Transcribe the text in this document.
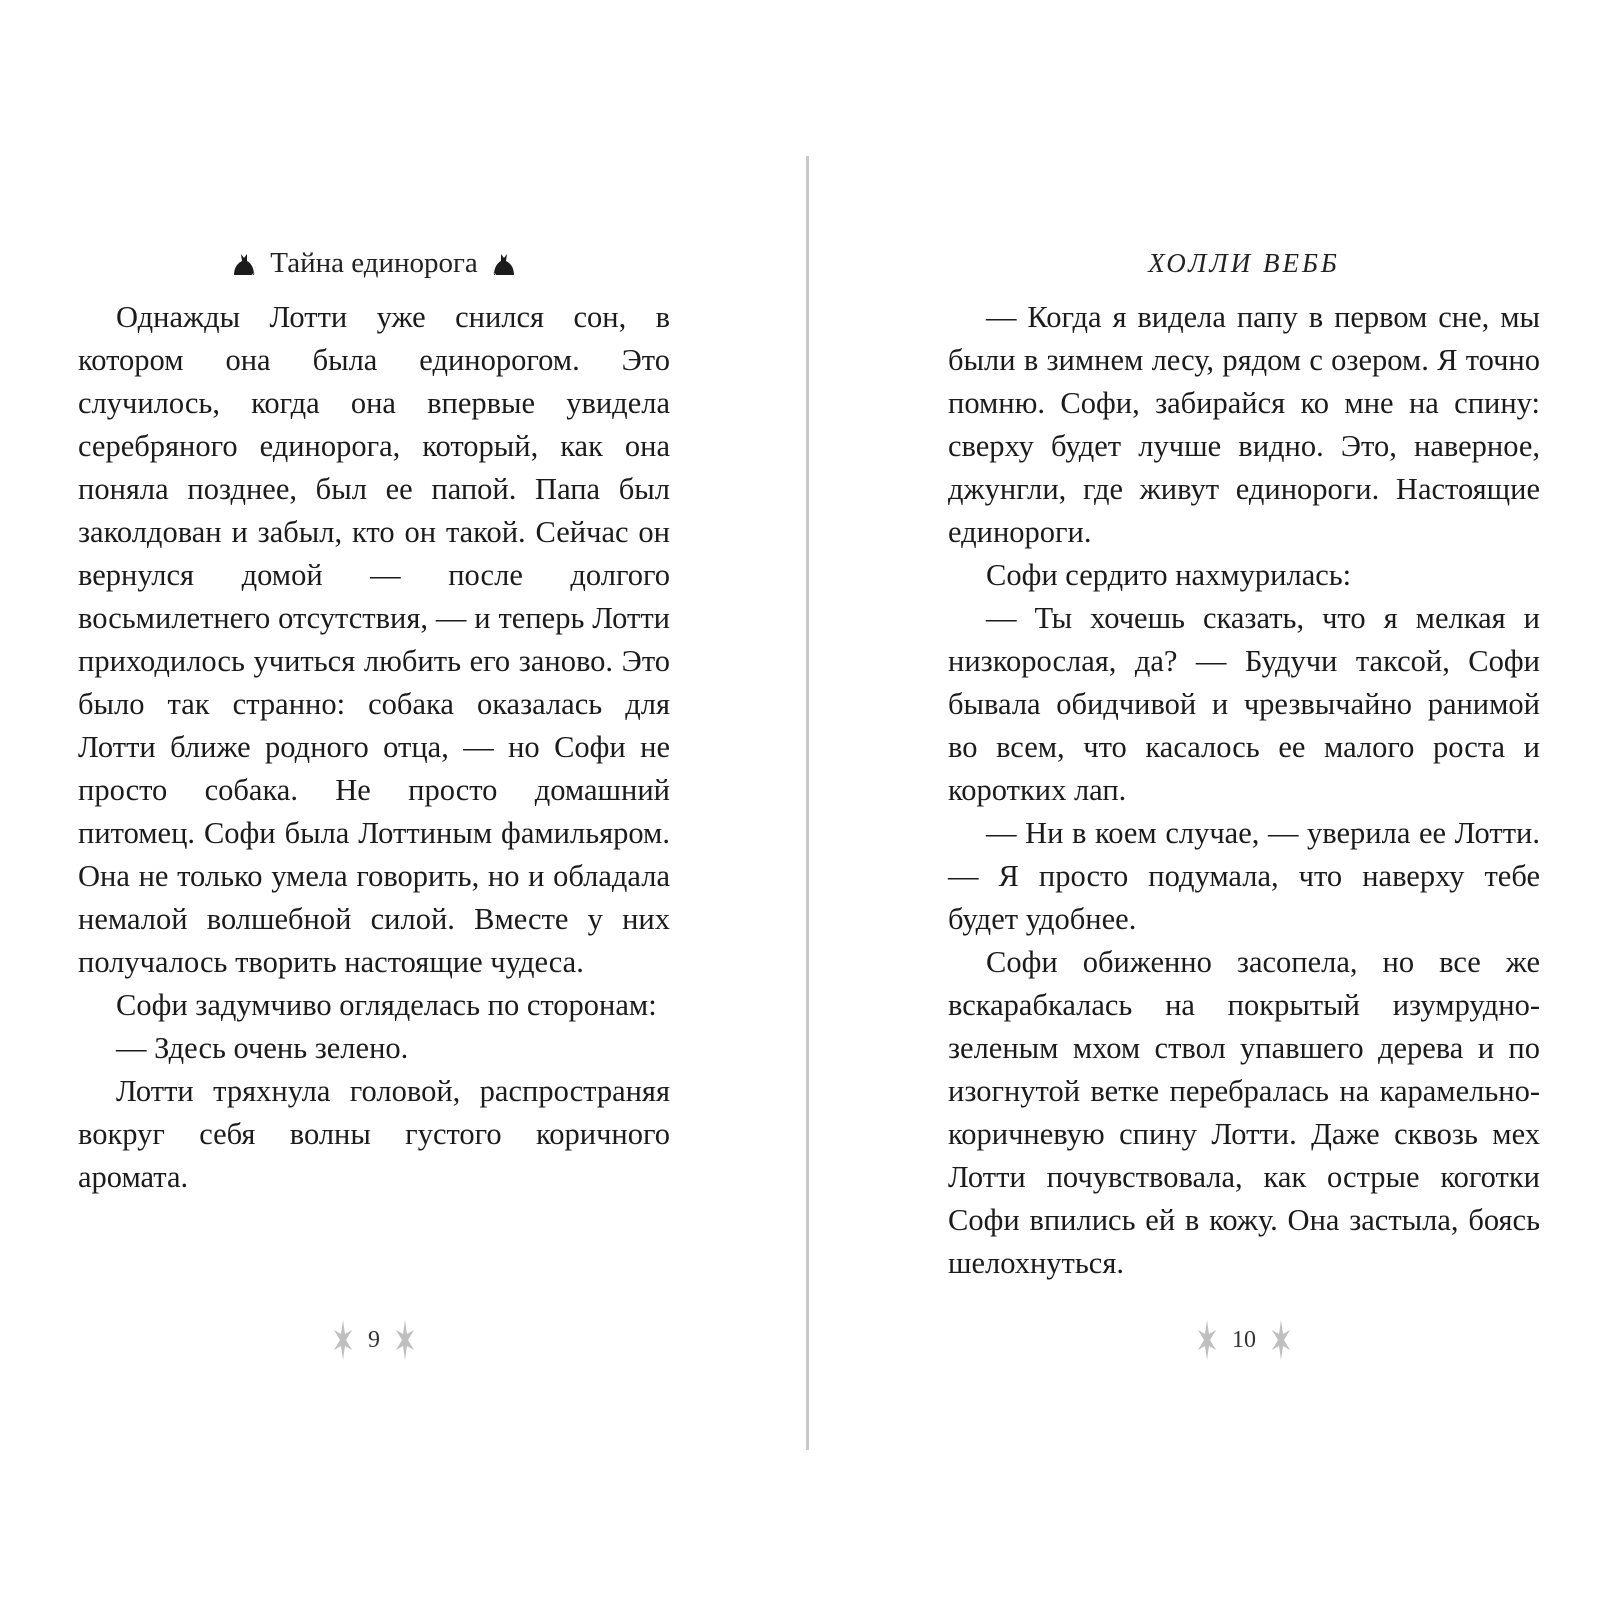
Тайна единорога

Однажды Лотти уже снился сон, в котором она была единорогом. Это случилось, когда она впервые увидела серебряного единорога, который, как она поняла позднее, был ее папой. Папа был заколдован и забыл, кто он такой. Сейчас он вернулся домой — после долгого восьмилетнего отсутствия, — и теперь Лотти приходилось учиться любить его заново. Это было так странно: собака оказалась для Лотти ближе родного отца, — но Софи не просто собака. Не просто домашний питомец. Софи была Лоттиным фамильяром. Она не только умела говорить, но и обладала немалой волшебной силой. Вместе у них получалось творить настоящие чудеса.

Софи задумчиво огляделась по сторонам:

— Здесь очень зелено.

Лотти тряхнула головой, распространяя вокруг себя волны густого коричного аромата.

9
ХОЛЛИ ВЕББ

— Когда я видела папу в первом сне, мы были в зимнем лесу, рядом с озером. Я точно помню. Софи, забирайся ко мне на спину: сверху будет лучше видно. Это, наверное, джунгли, где живут единороги. Настоящие единороги.

Софи сердито нахмурилась:

— Ты хочешь сказать, что я мелкая и низкорослая, да? — Будучи таксой, Софи бывала обидчивой и чрезвычайно ранимой во всем, что касалось ее малого роста и коротких лап.

— Ни в коем случае, — уверила ее Лотти. — Я просто подумала, что наверху тебе будет удобнее.

Софи обиженно засопела, но все же вскарабкалась на покрытый изумрудно-зеленым мхом ствол упавшего дерева и по изогнутой ветке перебралась на карамельно-коричневую спину Лотти. Даже сквозь мех Лотти почувствовала, как острые коготки Софи впились ей в кожу. Она застыла, боясь шелохнуться.

10
